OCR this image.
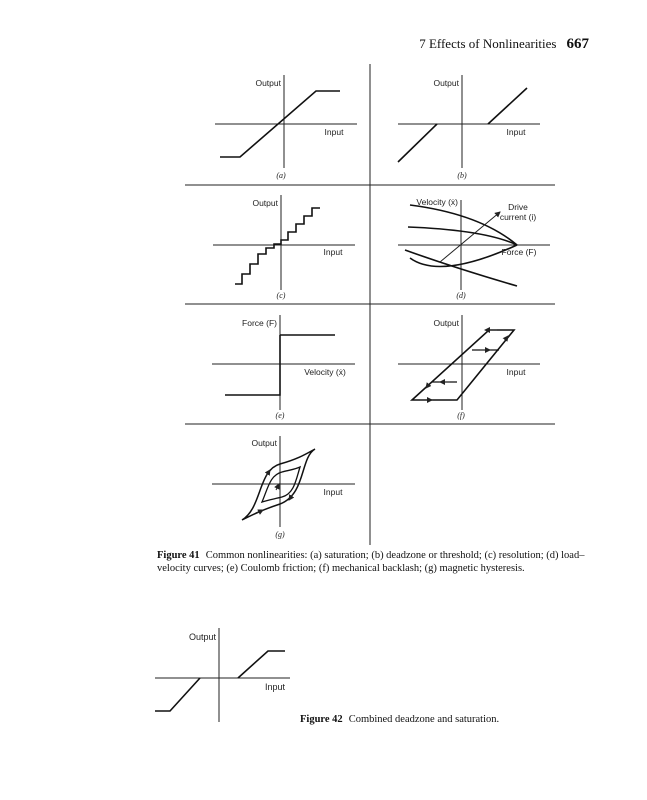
Output
Input
(a)
Output
Input
(b)
Output
Input
(c)
Velocity (ẋ)	Drive
current (i)
Force (F)
(d)
Force (F)
Velocity (ẋ)
(e)
Output
Input
(f)
Output
Input
(g)
Output
Input
7 Effects of Nonlinearities 667
Figure 41 Common nonlinearities: (a) saturation; (b) deadzone or threshold; (c) resolution; (d) load–velocity curves; (e) Coulomb friction; (f) mechanical backlash; (g) magnetic hysteresis.
Figure 42 Combined deadzone and saturation.
